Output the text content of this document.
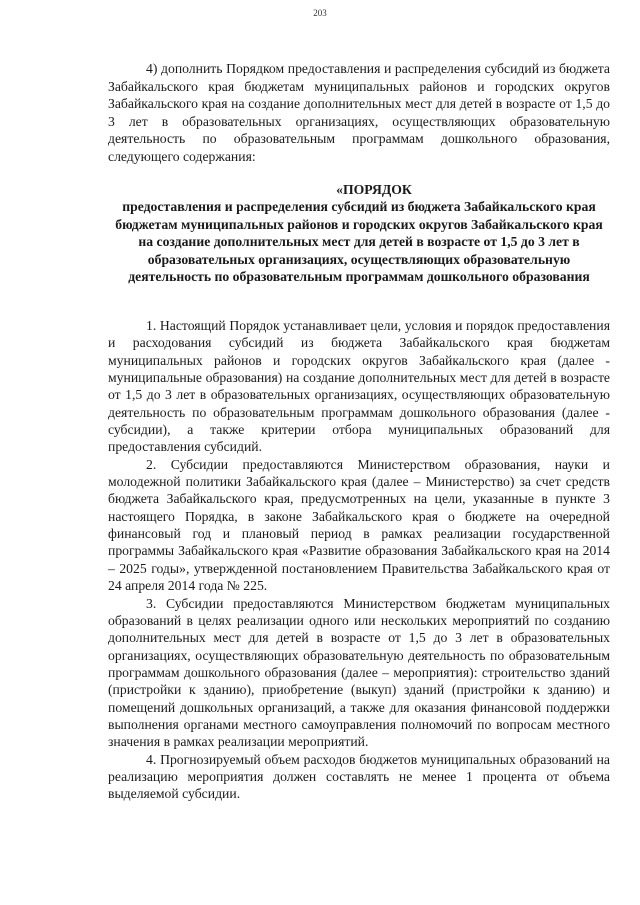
203

4) дополнить Порядком предоставления и распределения субсидий из бюджета Забайкальского края бюджетам муниципальных районов и городских округов Забайкальского края на создание дополнительных мест для детей в возрасте от 1,5 до 3 лет в образовательных организациях, осуществляющих образовательную деятельность по образовательным программам дошкольного образования, следующего содержания:

«ПОРЯДОК
предоставления и распределения субсидий из бюджета Забайкальского края бюджетам муниципальных районов и городских округов Забайкальского края на создание дополнительных мест для детей в возрасте от 1,5 до 3 лет в образовательных организациях, осуществляющих образовательную деятельность по образовательным программам дошкольного образования

1. Настоящий Порядок устанавливает цели, условия и порядок предоставления и расходования субсидий из бюджета Забайкальского края бюджетам муниципальных районов и городских округов Забайкальского края (далее - муниципальные образования) на создание дополнительных мест для детей в возрасте от 1,5 до 3 лет в образовательных организациях, осуществляющих образовательную деятельность по образовательным программам дошкольного образования (далее - субсидии), а также критерии отбора муниципальных образований для предоставления субсидий.

2. Субсидии предоставляются Министерством образования, науки и молодежной политики Забайкальского края (далее – Министерство) за счет средств бюджета Забайкальского края, предусмотренных на цели, указанные в пункте 3 настоящего Порядка, в законе Забайкальского края о бюджете на очередной финансовый год и плановый период в рамках реализации государственной программы Забайкальского края «Развитие образования Забайкальского края на 2014 – 2025 годы», утвержденной постановлением Правительства Забайкальского края от 24 апреля 2014 года № 225.

3. Субсидии предоставляются Министерством бюджетам муниципальных образований в целях реализации одного или нескольких мероприятий по созданию дополнительных мест для детей в возрасте от 1,5 до 3 лет в образовательных организациях, осуществляющих образовательную деятельность по образовательным программам дошкольного образования (далее – мероприятия): строительство зданий (пристройки к зданию), приобретение (выкуп) зданий (пристройки к зданию) и помещений дошкольных организаций, а также для оказания финансовой поддержки выполнения органами местного самоуправления полномочий по вопросам местного значения в рамках реализации мероприятий.

4. Прогнозируемый объем расходов бюджетов муниципальных образований на реализацию мероприятия должен составлять не менее 1 процента от объема выделяемой субсидии.
